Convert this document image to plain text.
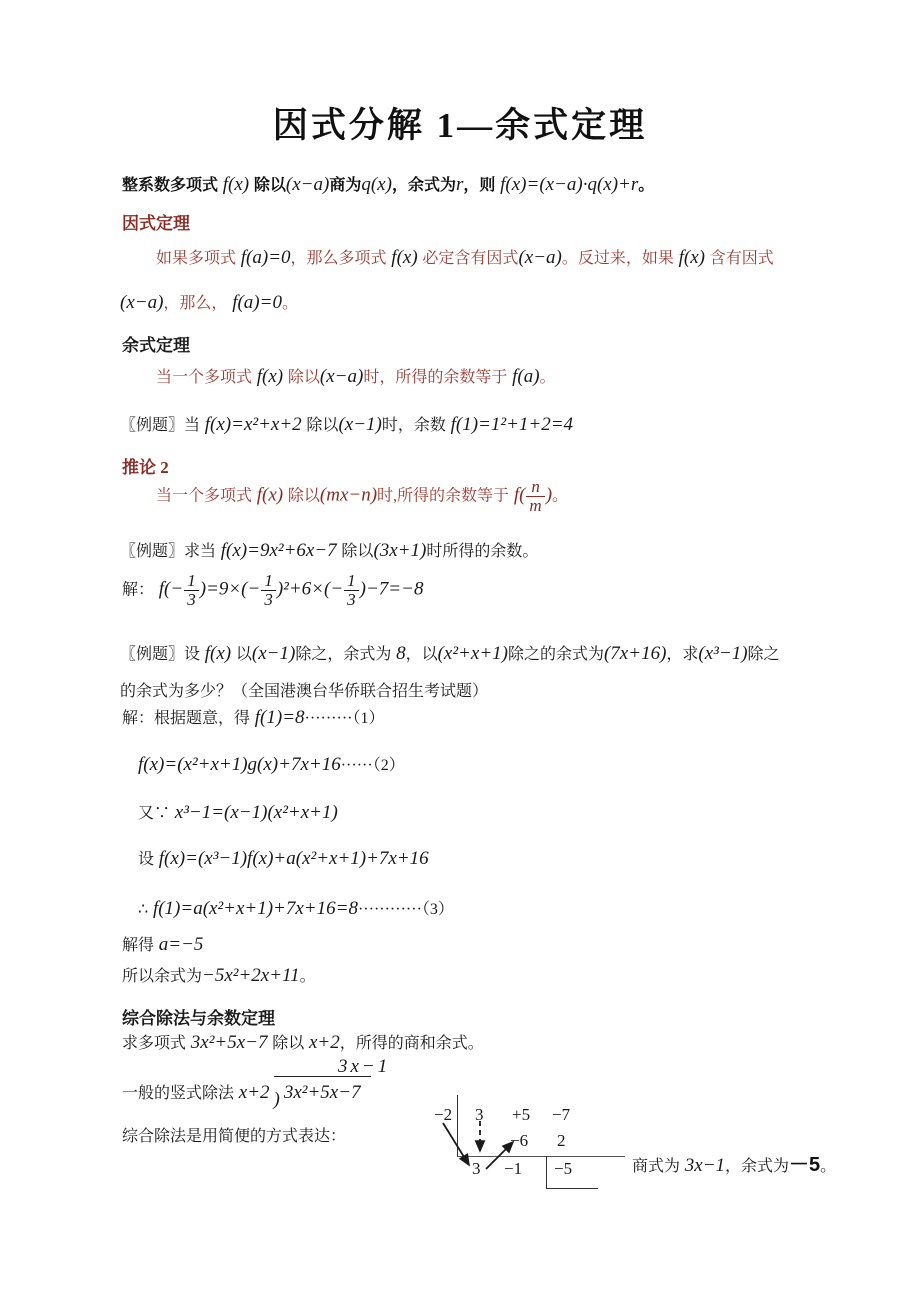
因式分解 1—余式定理
整系数多项式 f(x) 除以(x−a)商为q(x)，余式为r，则 f(x)=(x−a)·q(x)+r。
因式定理
如果多项式 f(a)=0，那么多项式 f(x) 必定含有因式(x−a)。反过来，如果 f(x) 含有因式
(x−a)，那么， f(a)=0。
余式定理
当一个多项式 f(x) 除以(x−a)时，所得的余数等于 f(a)。
〖例题〗当 f(x)=x²+x+2 除以(x−1)时，余数 f(1)=1²+1+2=4
推论 2
当一个多项式 f(x) 除以(mx−n)时,所得的余数等于 $f( \frac{n}{m}$ )。
〖例题〗求当 f(x)=9x²+6x−7 除以(3x+1)时所得的余数。
解： $f(- \frac{1}{3} )=9\times(- \frac{1}{3} )^2+6\times(- \frac{1}{3} )-7=-8$
〖例题〗设 f(x) 以(x−1)除之，余式为 8，以(x²+x+1)除之的余式为(7x+16)，求(x³−1)除之
的余式为多少？（全国港澳台华侨联合招生考试题）
解：根据题意，得 f(1)=8·········（1）
f(x)=(x²+x+1)g(x)+7x+16······（2）
又∵ x³−1=(x−1)(x²+x+1)
设 f(x)=(x³−1)f(x)+a(x²+x+1)+7x+16
∴ f(1)=a(x²+x+1)+7x+16=8············（3）
解得 a=−5
所以余式为−5x²+2x+11。
综合除法与余数定理
求多项式 3x²+5x−7 除以 x+2，所得的商和余式。
3x−1
一般的竖式除法 x+2 ) 3x²+5x−7
综合除法是用简便的方式表达：
−2 3 +5 −7
−6 2
3 −1 −5	商式为 3x−1，余式为－5。
